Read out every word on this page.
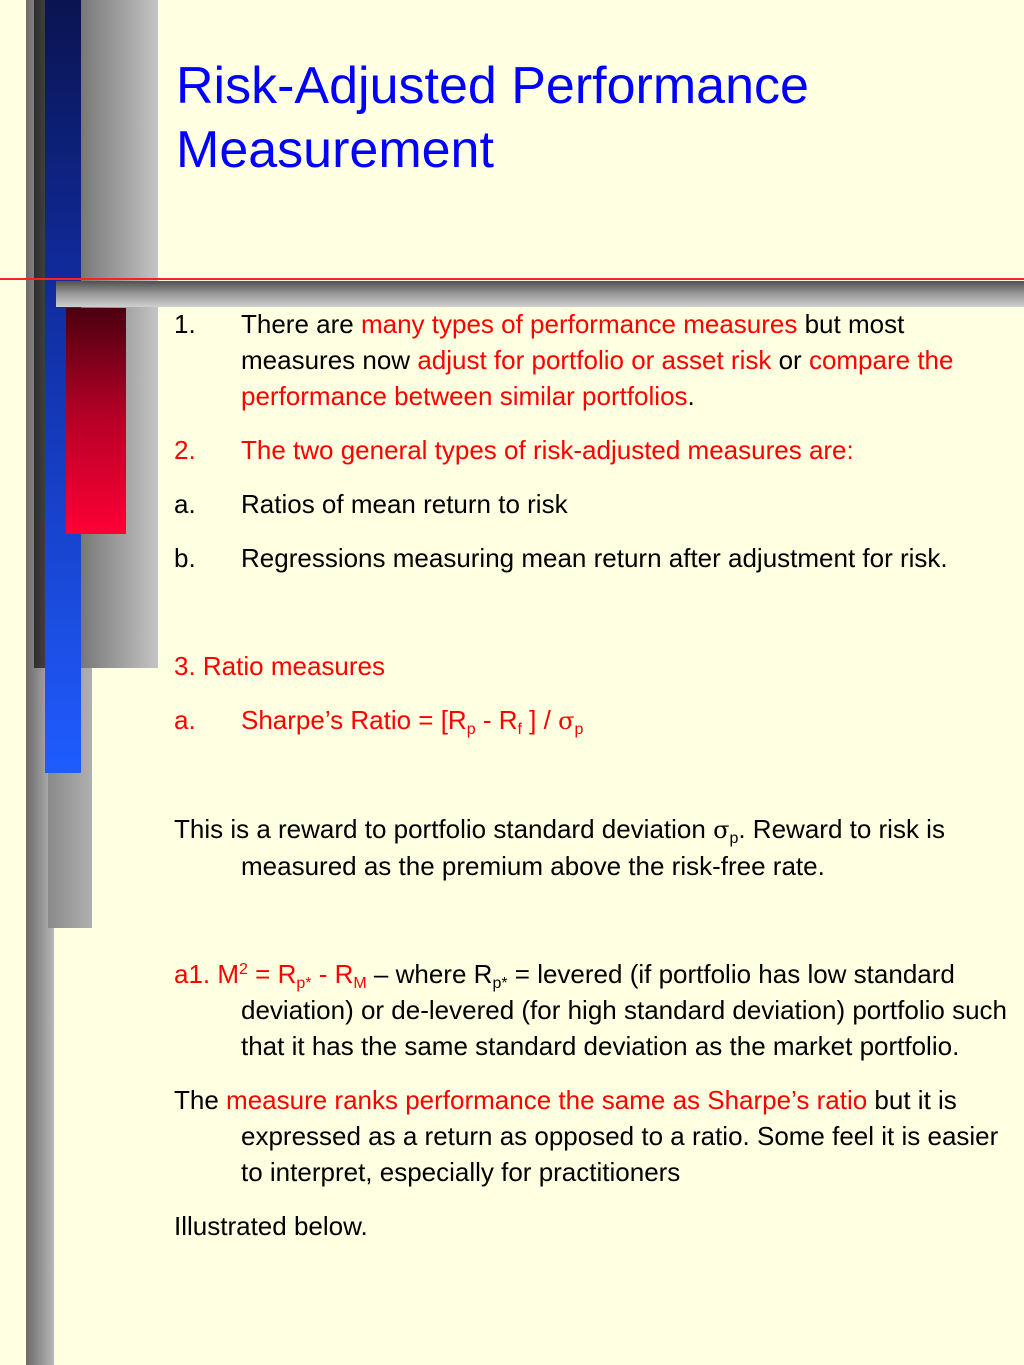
Risk-Adjusted Performance
Measurement
1. There are many types of performance measures but most measures now adjust for portfolio or asset risk or compare the performance between similar portfolios.
2. The two general types of risk-adjusted measures are:
a. Ratios of mean return to risk
b. Regressions measuring mean return after adjustment for risk.

3. Ratio measures

a. Sharpe’s Ratio = [$R_p - R_f$ ] / $\sigma_p$

This is a reward to portfolio standard deviation $\sigma_p$. Reward to risk is measured as the premium above the risk-free rate.

a1. $M^2 = R_{p*} - R_M$ – where $R_{p*}$ = levered (if portfolio has low standard deviation) or de-levered (for high standard deviation) portfolio such that it has the same standard deviation as the market portfolio.

The measure ranks performance the same as Sharpe’s ratio but it is expressed as a return as opposed to a ratio. Some feel it is easier to interpret, especially for practitioners

Illustrated below.
